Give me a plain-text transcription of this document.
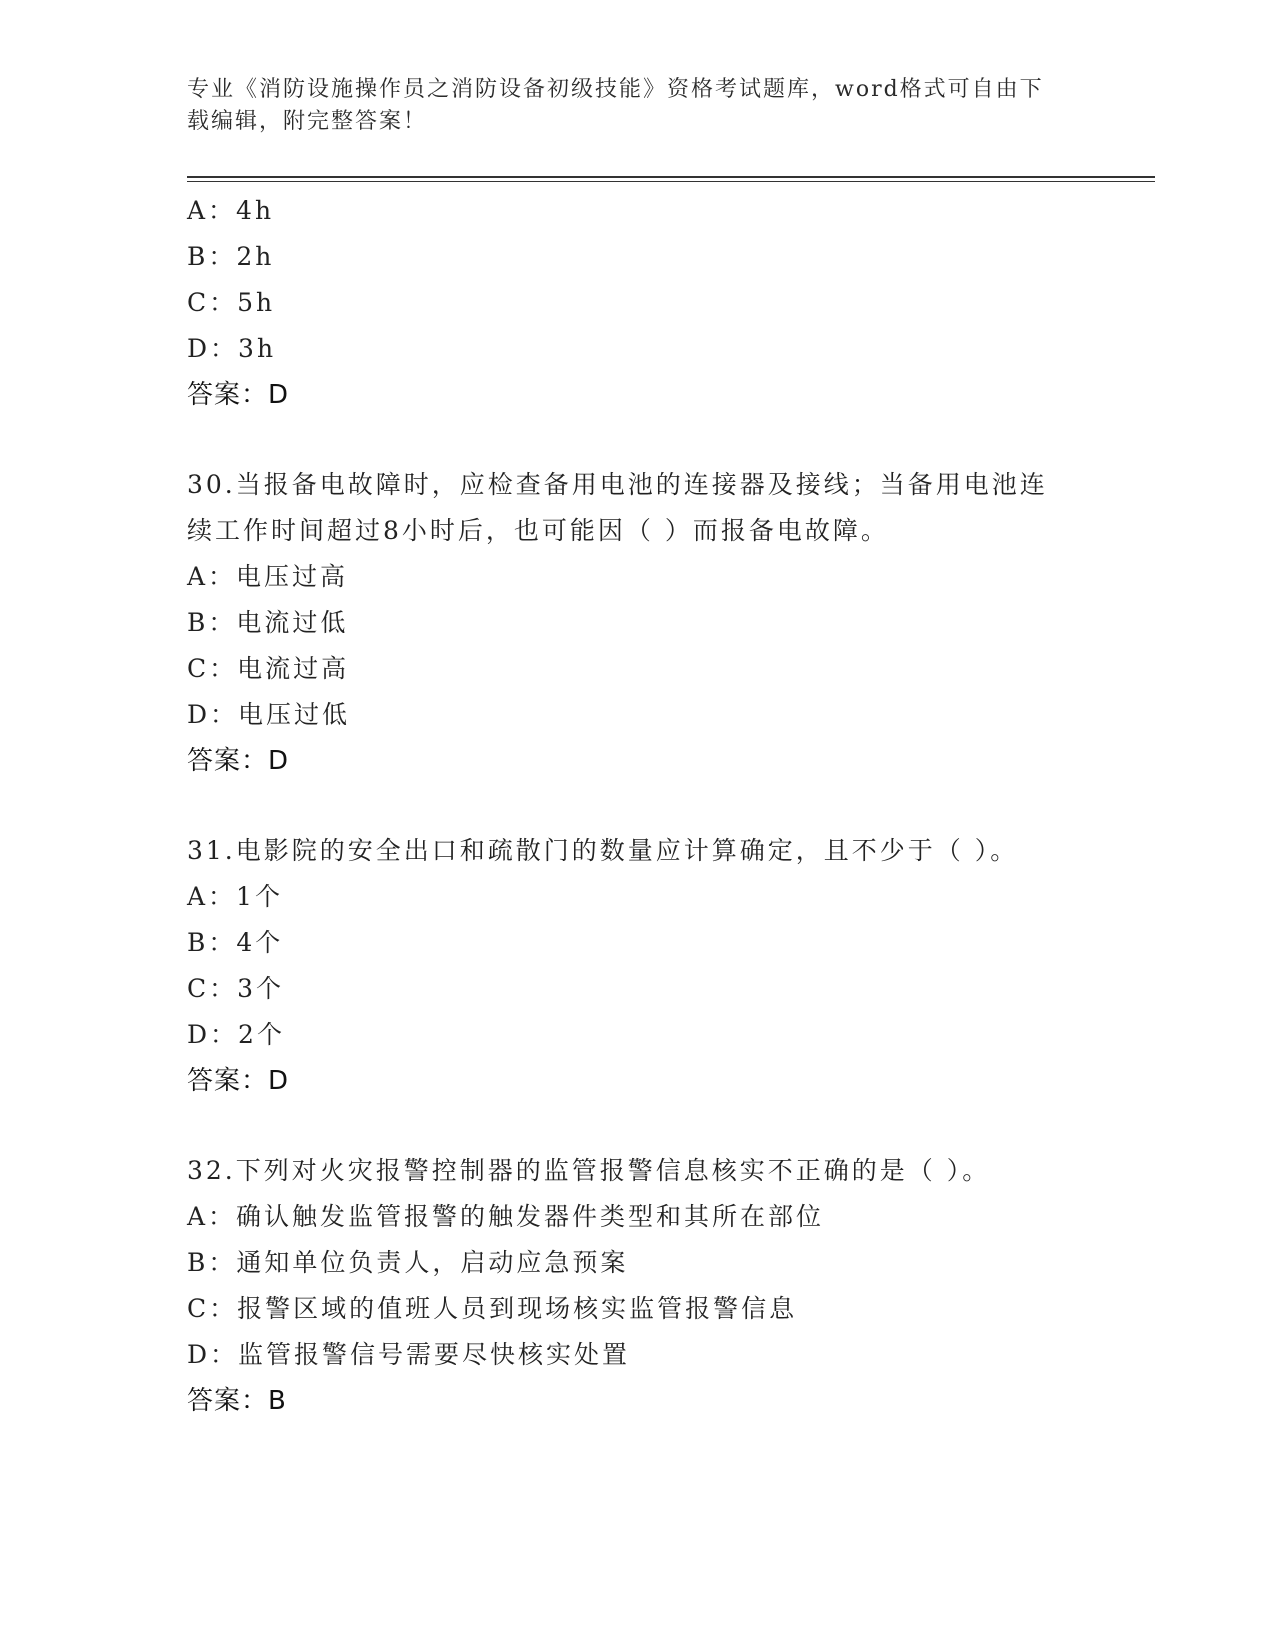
专业《消防设施操作员之消防设备初级技能》资格考试题库，word格式可自由下
载编辑，附完整答案！
A：4h
B：2h
C：5h
D：3h
答案：D
30.当报备电故障时，应检查备用电池的连接器及接线；当备用电池连
续工作时间超过8小时后，也可能因（ ）而报备电故障。
A：电压过高
B：电流过低
C：电流过高
D：电压过低
答案：D
31.电影院的安全出口和疏散门的数量应计算确定，且不少于（ ）。
A：1个
B：4个
C：3个
D：2个
答案：D
32.下列对火灾报警控制器的监管报警信息核实不正确的是（ ）。
A：确认触发监管报警的触发器件类型和其所在部位
B：通知单位负责人，启动应急预案
C：报警区域的值班人员到现场核实监管报警信息
D：监管报警信号需要尽快核实处置
答案：B
